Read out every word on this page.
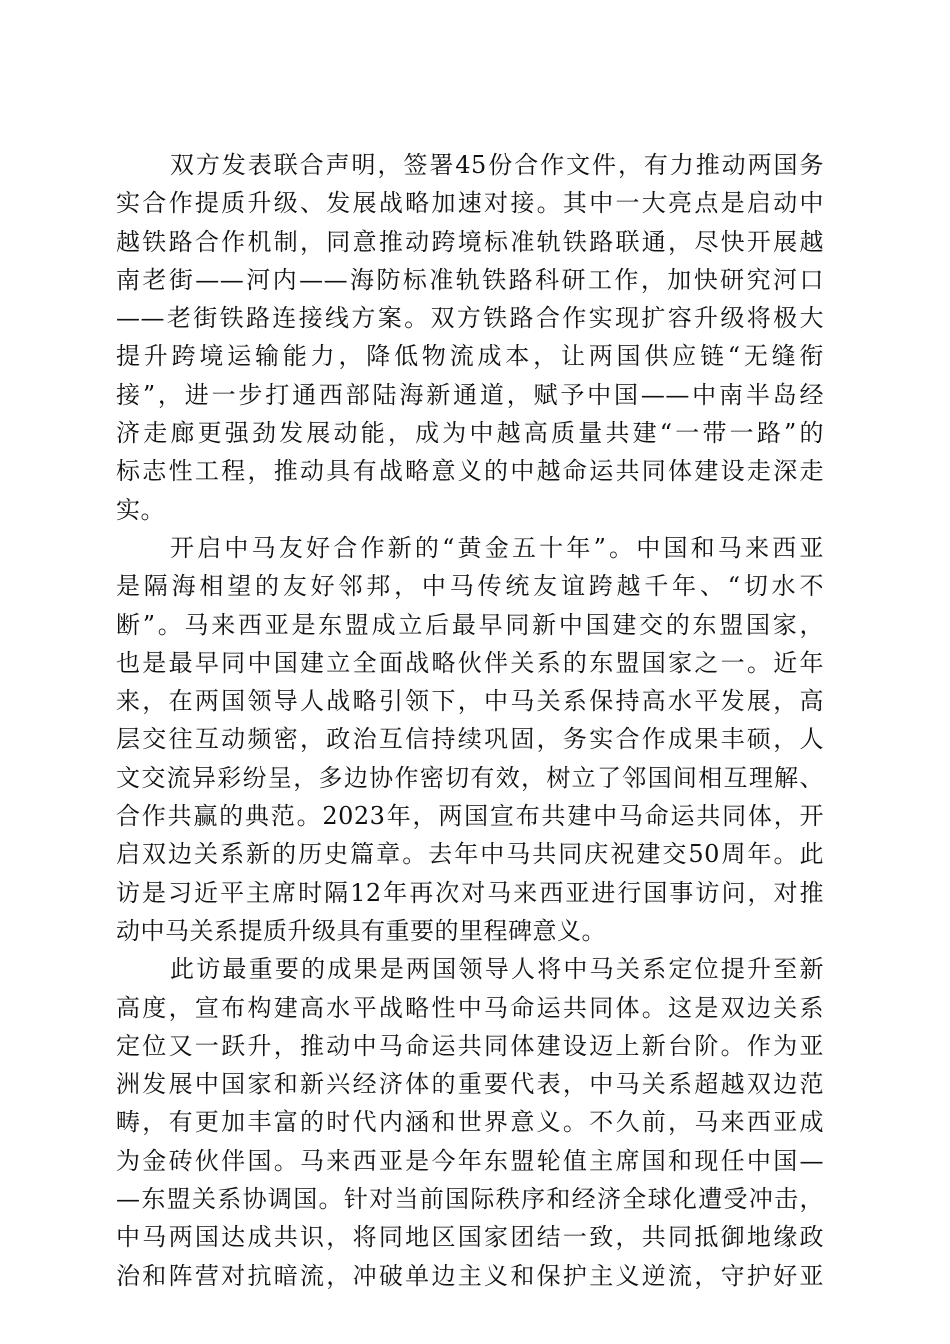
双方发表联合声明，签署45份合作文件，有力推动两国务
实合作提质升级、发展战略加速对接。其中一大亮点是启动中
越铁路合作机制，同意推动跨境标准轨铁路联通，尽快开展越
南老街——河内——海防标准轨铁路科研工作，加快研究河口
——老街铁路连接线方案。双方铁路合作实现扩容升级将极大
提升跨境运输能力，降低物流成本，让两国供应链“无缝衔
接”，进一步打通西部陆海新通道，赋予中国——中南半岛经
济走廊更强劲发展动能，成为中越高质量共建“一带一路”的
标志性工程，推动具有战略意义的中越命运共同体建设走深走
实。
开启中马友好合作新的“黄金五十年”。中国和马来西亚
是隔海相望的友好邻邦，中马传统友谊跨越千年、“切水不
断”。马来西亚是东盟成立后最早同新中国建交的东盟国家，
也是最早同中国建立全面战略伙伴关系的东盟国家之一。近年
来，在两国领导人战略引领下，中马关系保持高水平发展，高
层交往互动频密，政治互信持续巩固，务实合作成果丰硕，人
文交流异彩纷呈，多边协作密切有效，树立了邻国间相互理解、
合作共赢的典范。2023年，两国宣布共建中马命运共同体，开
启双边关系新的历史篇章。去年中马共同庆祝建交50周年。此
访是习近平主席时隔12年再次对马来西亚进行国事访问，对推
动中马关系提质升级具有重要的里程碑意义。
此访最重要的成果是两国领导人将中马关系定位提升至新
高度，宣布构建高水平战略性中马命运共同体。这是双边关系
定位又一跃升，推动中马命运共同体建设迈上新台阶。作为亚
洲发展中国家和新兴经济体的重要代表，中马关系超越双边范
畴，有更加丰富的时代内涵和世界意义。不久前，马来西亚成
为金砖伙伴国。马来西亚是今年东盟轮值主席国和现任中国—
—东盟关系协调国。针对当前国际秩序和经济全球化遭受冲击，
中马两国达成共识，将同地区国家团结一致，共同抵御地缘政
治和阵营对抗暗流，冲破单边主义和保护主义逆流，守护好亚
